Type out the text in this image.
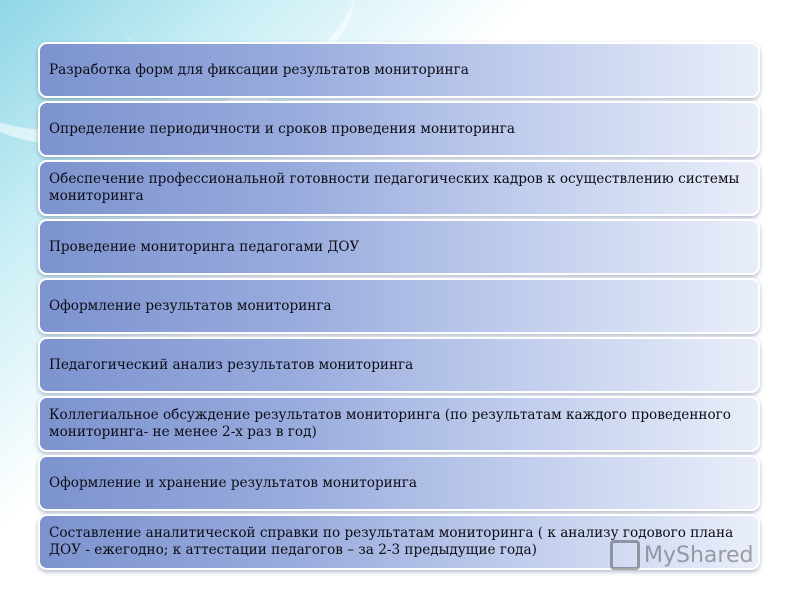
Разработка форм для фиксации результатов мониторинга
Определение периодичности и сроков проведения мониторинга
Обеспечение профессиональной готовности педагогических кадров к осуществлению системы мониторинга
Проведение мониторинга педагогами ДОУ
Оформление результатов мониторинга
Педагогический анализ результатов мониторинга
Коллегиальное обсуждение результатов мониторинга (по результатам каждого проведенного мониторинга- не менее 2-х раз в год)
Оформление и хранение результатов мониторинга
Составление аналитической справки по результатам мониторинга ( к анализу годового плана ДОУ - ежегодно; к аттестации педагогов – за 2-3 предыдущие года)	MyShared
